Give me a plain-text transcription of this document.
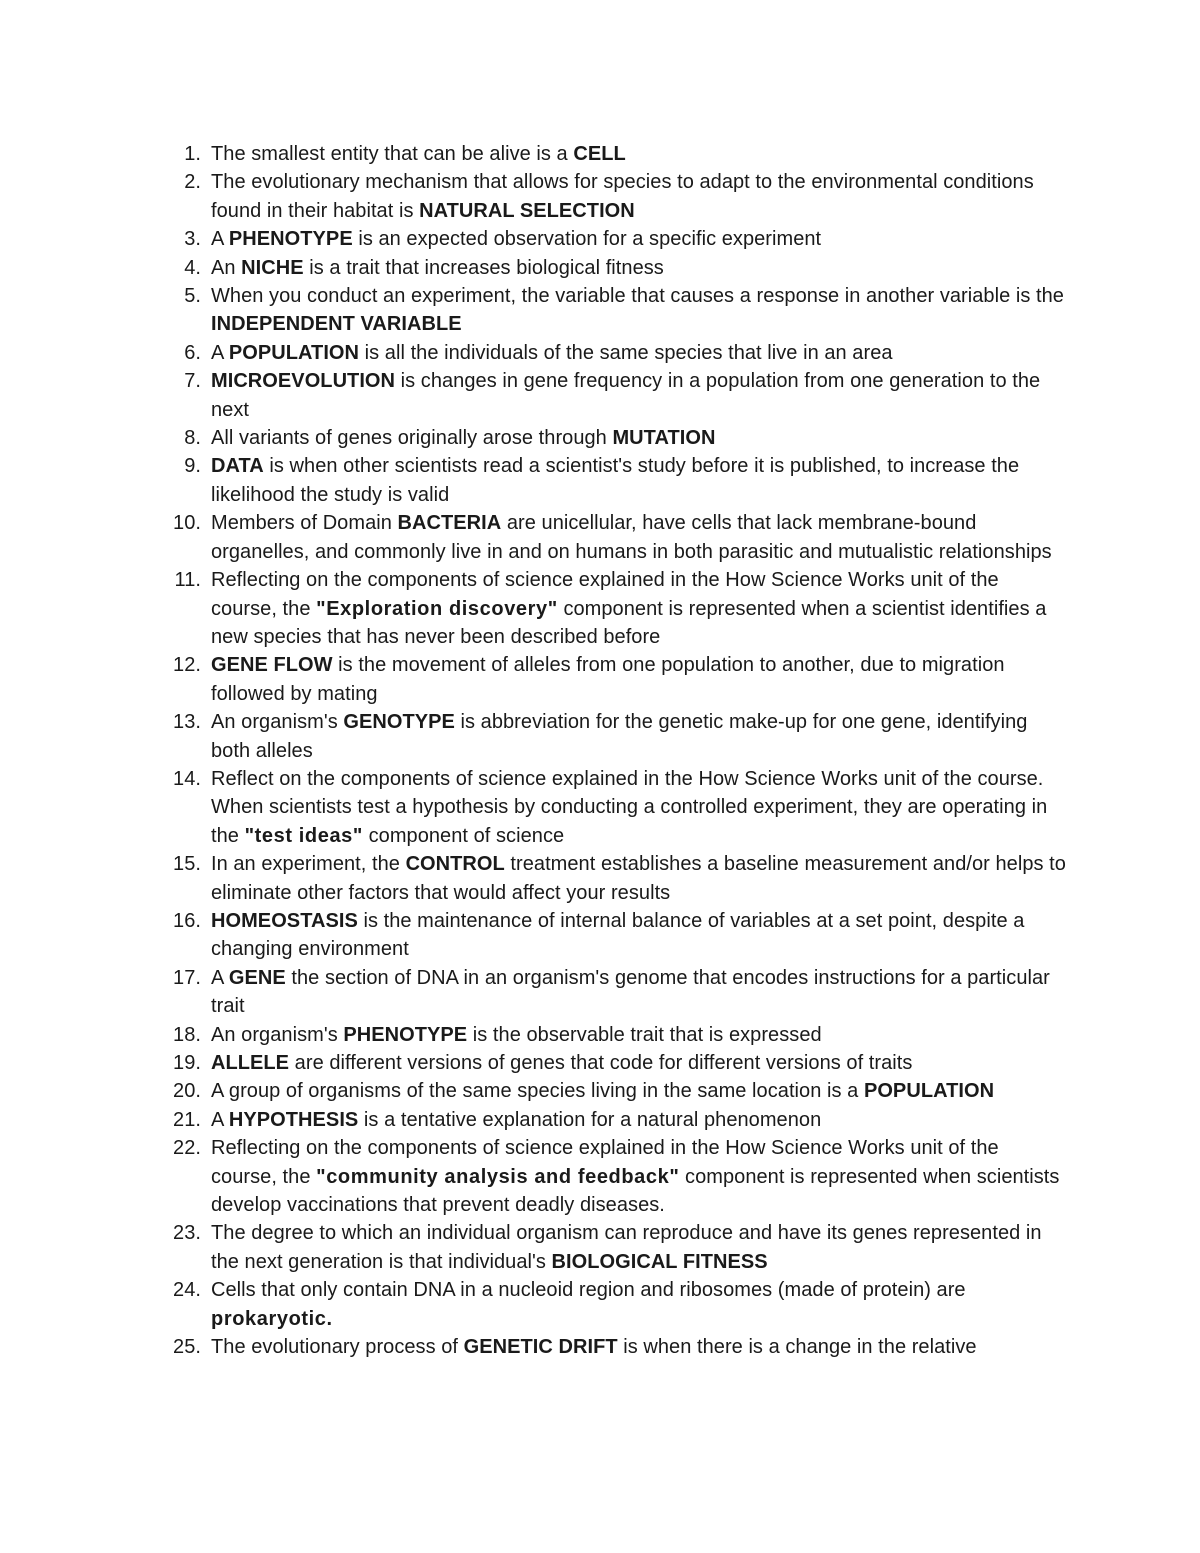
1. The smallest entity that can be alive is a CELL
2. The evolutionary mechanism that allows for species to adapt to the environmental conditions found in their habitat is NATURAL SELECTION
3. A PHENOTYPE is an expected observation for a specific experiment
4. An NICHE is a trait that increases biological fitness
5. When you conduct an experiment, the variable that causes a response in another variable is the INDEPENDENT VARIABLE
6. A POPULATION is all the individuals of the same species that live in an area
7. MICROEVOLUTION is changes in gene frequency in a population from one generation to the next
8. All variants of genes originally arose through MUTATION
9. DATA is when other scientists read a scientist's study before it is published, to increase the likelihood the study is valid
10. Members of Domain BACTERIA are unicellular, have cells that lack membrane-bound organelles, and commonly live in and on humans in both parasitic and mutualistic relationships
11. Reflecting on the components of science explained in the How Science Works unit of the course, the "Exploration discovery" component is represented when a scientist identifies a new species that has never been described before
12. GENE FLOW is the movement of alleles from one population to another, due to migration followed by mating
13. An organism's GENOTYPE is abbreviation for the genetic make-up for one gene, identifying both alleles
14. Reflect on the components of science explained in the How Science Works unit of the course. When scientists test a hypothesis by conducting a controlled experiment, they are operating in the "test ideas" component of science
15. In an experiment, the CONTROL treatment establishes a baseline measurement and/or helps to eliminate other factors that would affect your results
16. HOMEOSTASIS is the maintenance of internal balance of variables at a set point, despite a changing environment
17. A GENE the section of DNA in an organism's genome that encodes instructions for a particular trait
18. An organism's PHENOTYPE is the observable trait that is expressed
19. ALLELE are different versions of genes that code for different versions of traits
20. A group of organisms of the same species living in the same location is a POPULATION
21. A HYPOTHESIS is a tentative explanation for a natural phenomenon
22. Reflecting on the components of science explained in the How Science Works unit of the course, the "community analysis and feedback" component is represented when scientists develop vaccinations that prevent deadly diseases.
23. The degree to which an individual organism can reproduce and have its genes represented in the next generation is that individual's BIOLOGICAL FITNESS
24. Cells that only contain DNA in a nucleoid region and ribosomes (made of protein) are prokaryotic.
25. The evolutionary process of GENETIC DRIFT is when there is a change in the relative
